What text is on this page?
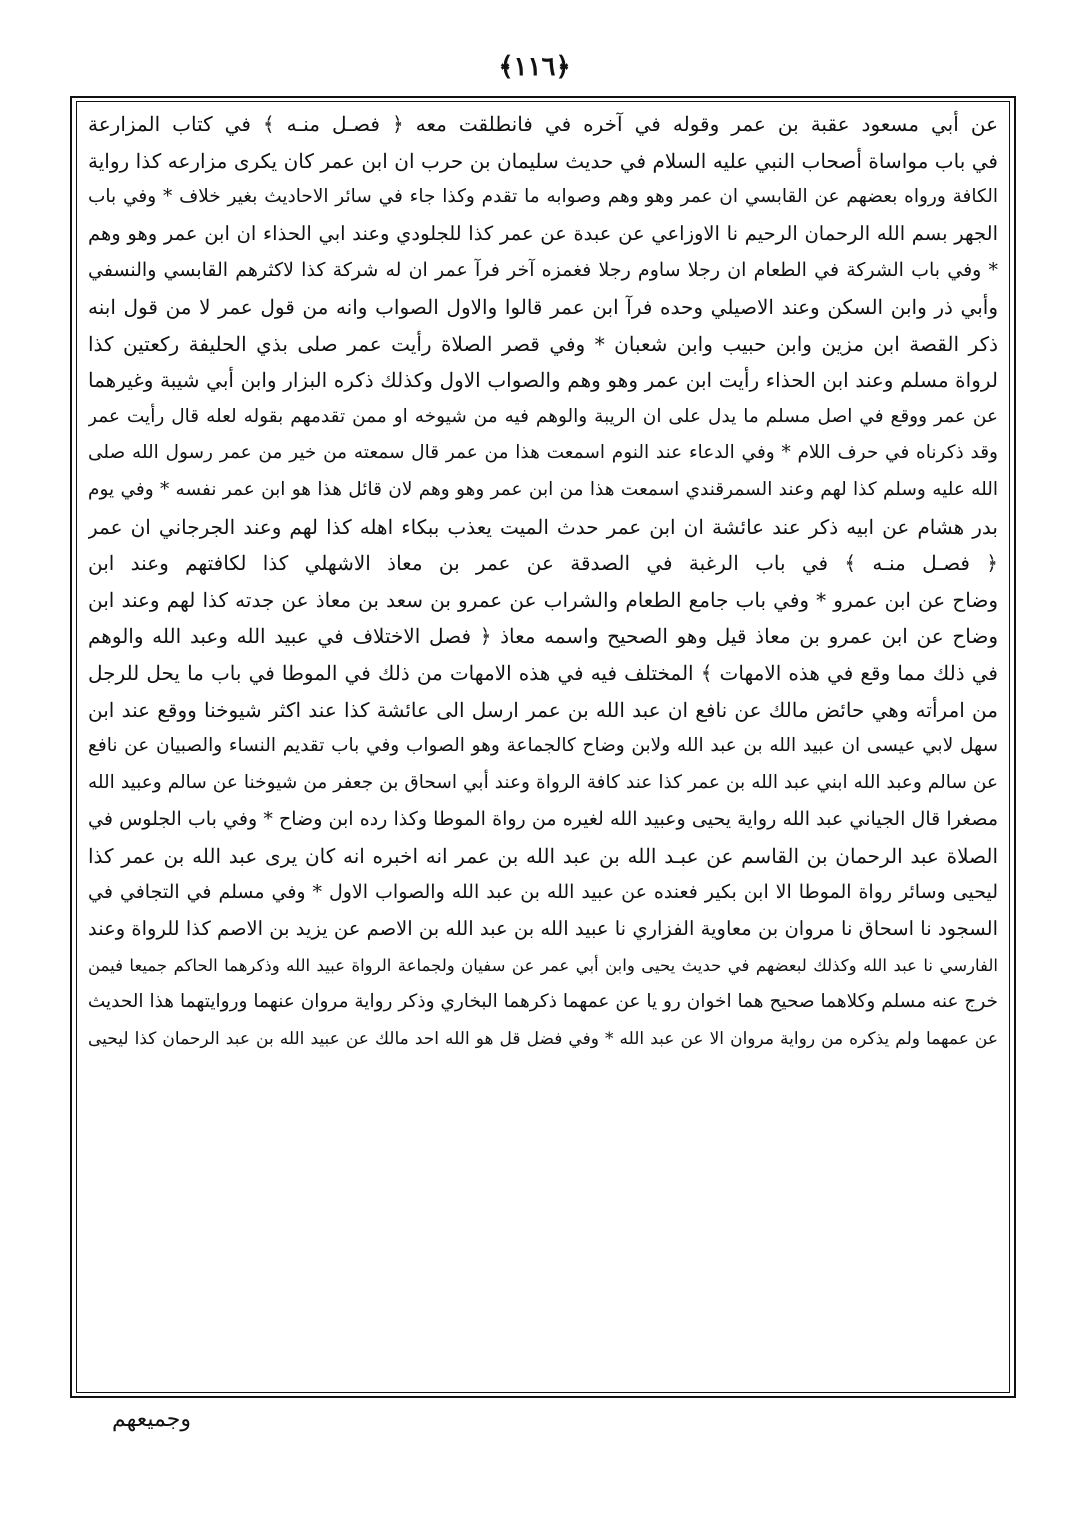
﴿١١٦﴾
عن أبي مسعود عقبة بن عمر وقوله في آخره في فانطلقت معه ﴿ فصـل منـه ﴾ في كتاب المزارعة
في باب مواساة أصحاب النبي عليه السلام في حديث سليمان بن حرب ان ابن عمر كان يكرى مزارعه كذا رواية
الكافة ورواه بعضهم عن القابسي ان عمر وهو وهم وصوابه ما تقدم وكذا جاء في سائر الاحاديث بغير خلاف * وفي باب
الجهر بسم الله الرحمان الرحيم نا الاوزاعي عن عبدة عن عمر كذا للجلودي وعند ابي الحذاء ان ابن عمر وهو وهم
* وفي باب الشركة في الطعام ان رجلا ساوم رجلا فغمزه آخر فرآ عمر ان له شركة كذا لاكثرهم القابسي والنسفي
وأبي ذر وابن السكن وعند الاصيلي وحده فرآ ابن عمر قالوا والاول الصواب وانه من قول عمر لا من قول ابنه
ذكر القصة ابن مزين وابن حبيب وابن شعبان * وفي قصر الصلاة رأيت عمر صلى بذي الحليفة ركعتين كذا
لرواة مسلم وعند ابن الحذاء رأيت ابن عمر وهو وهم والصواب الاول وكذلك ذكره البزار وابن أبي شيبة وغيرهما
عن عمر ووقع في اصل مسلم ما يدل على ان الريبة والوهم فيه من شيوخه او ممن تقدمهم بقوله لعله قال رأيت عمر
وقد ذكرناه في حرف اللام * وفي الدعاء عند النوم اسمعت هذا من عمر قال سمعته من خير من عمر رسول الله صلى
الله عليه وسلم كذا لهم وعند السمرقندي اسمعت هذا من ابن عمر وهو وهم لان قائل هذا هو ابن عمر نفسه * وفي يوم
بدر هشام عن ابيه ذكر عند عائشة ان ابن عمر حدث الميت يعذب ببكاء اهله كذا لهم وعند الجرجاني ان عمر
﴿ فصـل منـه ﴾ في باب الرغبة في الصدقة عن عمر بن معاذ الاشهلي كذا لكافتهم وعند ابن
وضاح عن ابن عمرو * وفي باب جامع الطعام والشراب عن عمرو بن سعد بن معاذ عن جدته كذا لهم وعند ابن
وضاح عن ابن عمرو بن معاذ قيل وهو الصحيح واسمه معاذ ﴿ فصل الاختلاف في عبيد الله وعبد الله والوهم
في ذلك مما وقع في هذه الامهات ﴾ المختلف فيه في هذه الامهات من ذلك في الموطا في باب ما يحل للرجل
من امرأته وهي حائض مالك عن نافع ان عبد الله بن عمر ارسل الى عائشة كذا عند اكثر شيوخنا ووقع عند ابن
سهل لابي عيسى ان عبيد الله بن عبد الله ولابن وضاح كالجماعة وهو الصواب وفي باب تقديم النساء والصبيان عن نافع
عن سالم وعبد الله ابني عبد الله بن عمر كذا عند كافة الرواة وعند أبي اسحاق بن جعفر من شيوخنا عن سالم وعبيد الله
مصغرا قال الجياني عبد الله رواية يحيى وعبيد الله لغيره من رواة الموطا وكذا رده ابن وضاح * وفي باب الجلوس في
الصلاة عبد الرحمان بن القاسم عن عبـد الله بن عبد الله بن عمر انه اخبره انه كان يرى عبد الله بن عمر كذا
ليحيى وسائر رواة الموطا الا ابن بكير فعنده عن عبيد الله بن عبد الله والصواب الاول * وفي مسلم في التجافي في
السجود نا اسحاق نا مروان بن معاوية الفزاري نا عبيد الله بن عبد الله بن الاصم عن يزيد بن الاصم كذا للرواة وعند
الفارسي نا عبد الله وكذلك لبعضهم في حديث يحيى وابن أبي عمر عن سفيان ولجماعة الرواة عبيد الله وذكرهما الحاكم جميعا فيمن
خرج عنه مسلم وكلاهما صحيح هما اخوان رو يا عن عمهما ذكرهما البخاري وذكر رواية مروان عنهما وروايتهما هذا الحديث
عن عمهما ولم يذكره من رواية مروان الا عن عبد الله * وفي فضل قل هو الله احد مالك عن عبيد الله بن عبد الرحمان كذا ليحيى
وجميعهم
